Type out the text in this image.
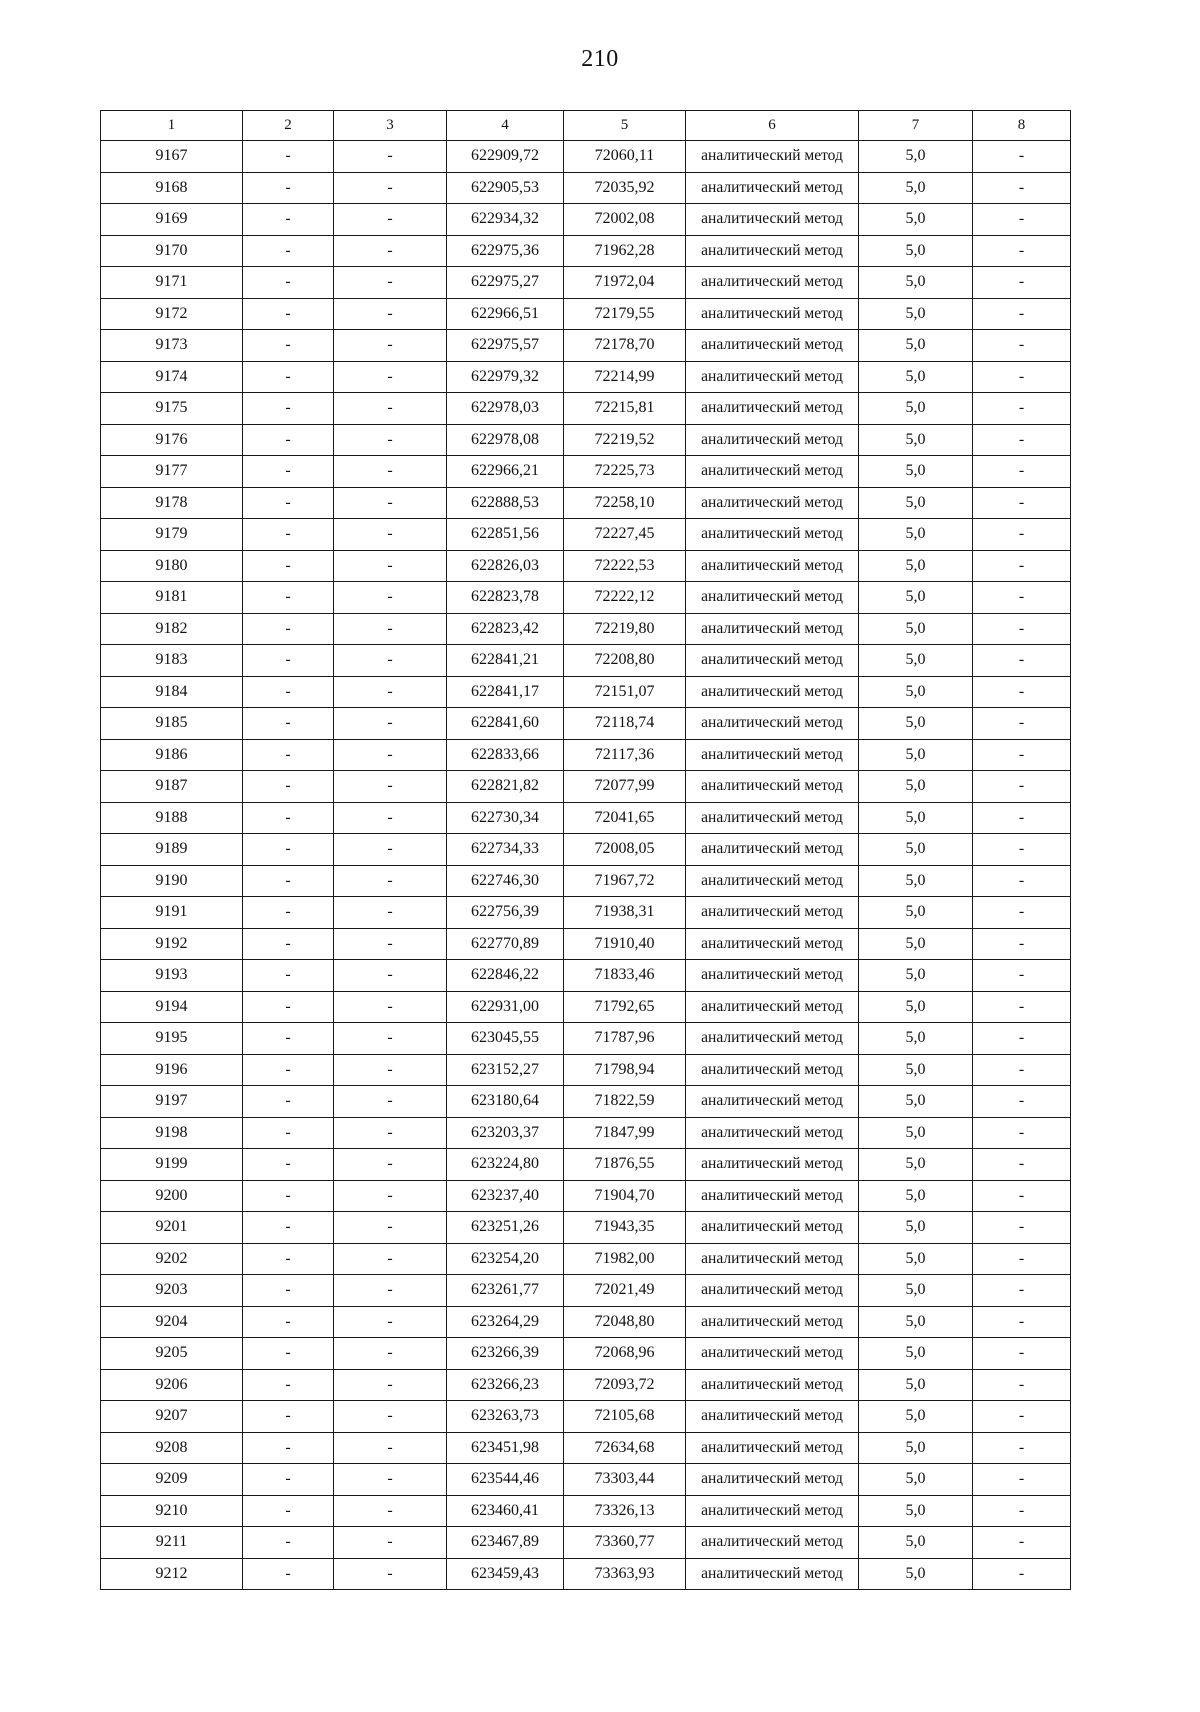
210
1	2	3	4	5	6	7	8
9167	-	-	622909,72	72060,11	аналитический метод	5,0	-
9168	-	-	622905,53	72035,92	аналитический метод	5,0	-
9169	-	-	622934,32	72002,08	аналитический метод	5,0	-
9170	-	-	622975,36	71962,28	аналитический метод	5,0	-
9171	-	-	622975,27	71972,04	аналитический метод	5,0	-
9172	-	-	622966,51	72179,55	аналитический метод	5,0	-
9173	-	-	622975,57	72178,70	аналитический метод	5,0	-
9174	-	-	622979,32	72214,99	аналитический метод	5,0	-
9175	-	-	622978,03	72215,81	аналитический метод	5,0	-
9176	-	-	622978,08	72219,52	аналитический метод	5,0	-
9177	-	-	622966,21	72225,73	аналитический метод	5,0	-
9178	-	-	622888,53	72258,10	аналитический метод	5,0	-
9179	-	-	622851,56	72227,45	аналитический метод	5,0	-
9180	-	-	622826,03	72222,53	аналитический метод	5,0	-
9181	-	-	622823,78	72222,12	аналитический метод	5,0	-
9182	-	-	622823,42	72219,80	аналитический метод	5,0	-
9183	-	-	622841,21	72208,80	аналитический метод	5,0	-
9184	-	-	622841,17	72151,07	аналитический метод	5,0	-
9185	-	-	622841,60	72118,74	аналитический метод	5,0	-
9186	-	-	622833,66	72117,36	аналитический метод	5,0	-
9187	-	-	622821,82	72077,99	аналитический метод	5,0	-
9188	-	-	622730,34	72041,65	аналитический метод	5,0	-
9189	-	-	622734,33	72008,05	аналитический метод	5,0	-
9190	-	-	622746,30	71967,72	аналитический метод	5,0	-
9191	-	-	622756,39	71938,31	аналитический метод	5,0	-
9192	-	-	622770,89	71910,40	аналитический метод	5,0	-
9193	-	-	622846,22	71833,46	аналитический метод	5,0	-
9194	-	-	622931,00	71792,65	аналитический метод	5,0	-
9195	-	-	623045,55	71787,96	аналитический метод	5,0	-
9196	-	-	623152,27	71798,94	аналитический метод	5,0	-
9197	-	-	623180,64	71822,59	аналитический метод	5,0	-
9198	-	-	623203,37	71847,99	аналитический метод	5,0	-
9199	-	-	623224,80	71876,55	аналитический метод	5,0	-
9200	-	-	623237,40	71904,70	аналитический метод	5,0	-
9201	-	-	623251,26	71943,35	аналитический метод	5,0	-
9202	-	-	623254,20	71982,00	аналитический метод	5,0	-
9203	-	-	623261,77	72021,49	аналитический метод	5,0	-
9204	-	-	623264,29	72048,80	аналитический метод	5,0	-
9205	-	-	623266,39	72068,96	аналитический метод	5,0	-
9206	-	-	623266,23	72093,72	аналитический метод	5,0	-
9207	-	-	623263,73	72105,68	аналитический метод	5,0	-
9208	-	-	623451,98	72634,68	аналитический метод	5,0	-
9209	-	-	623544,46	73303,44	аналитический метод	5,0	-
9210	-	-	623460,41	73326,13	аналитический метод	5,0	-
9211	-	-	623467,89	73360,77	аналитический метод	5,0	-
9212	-	-	623459,43	73363,93	аналитический метод	5,0	-
